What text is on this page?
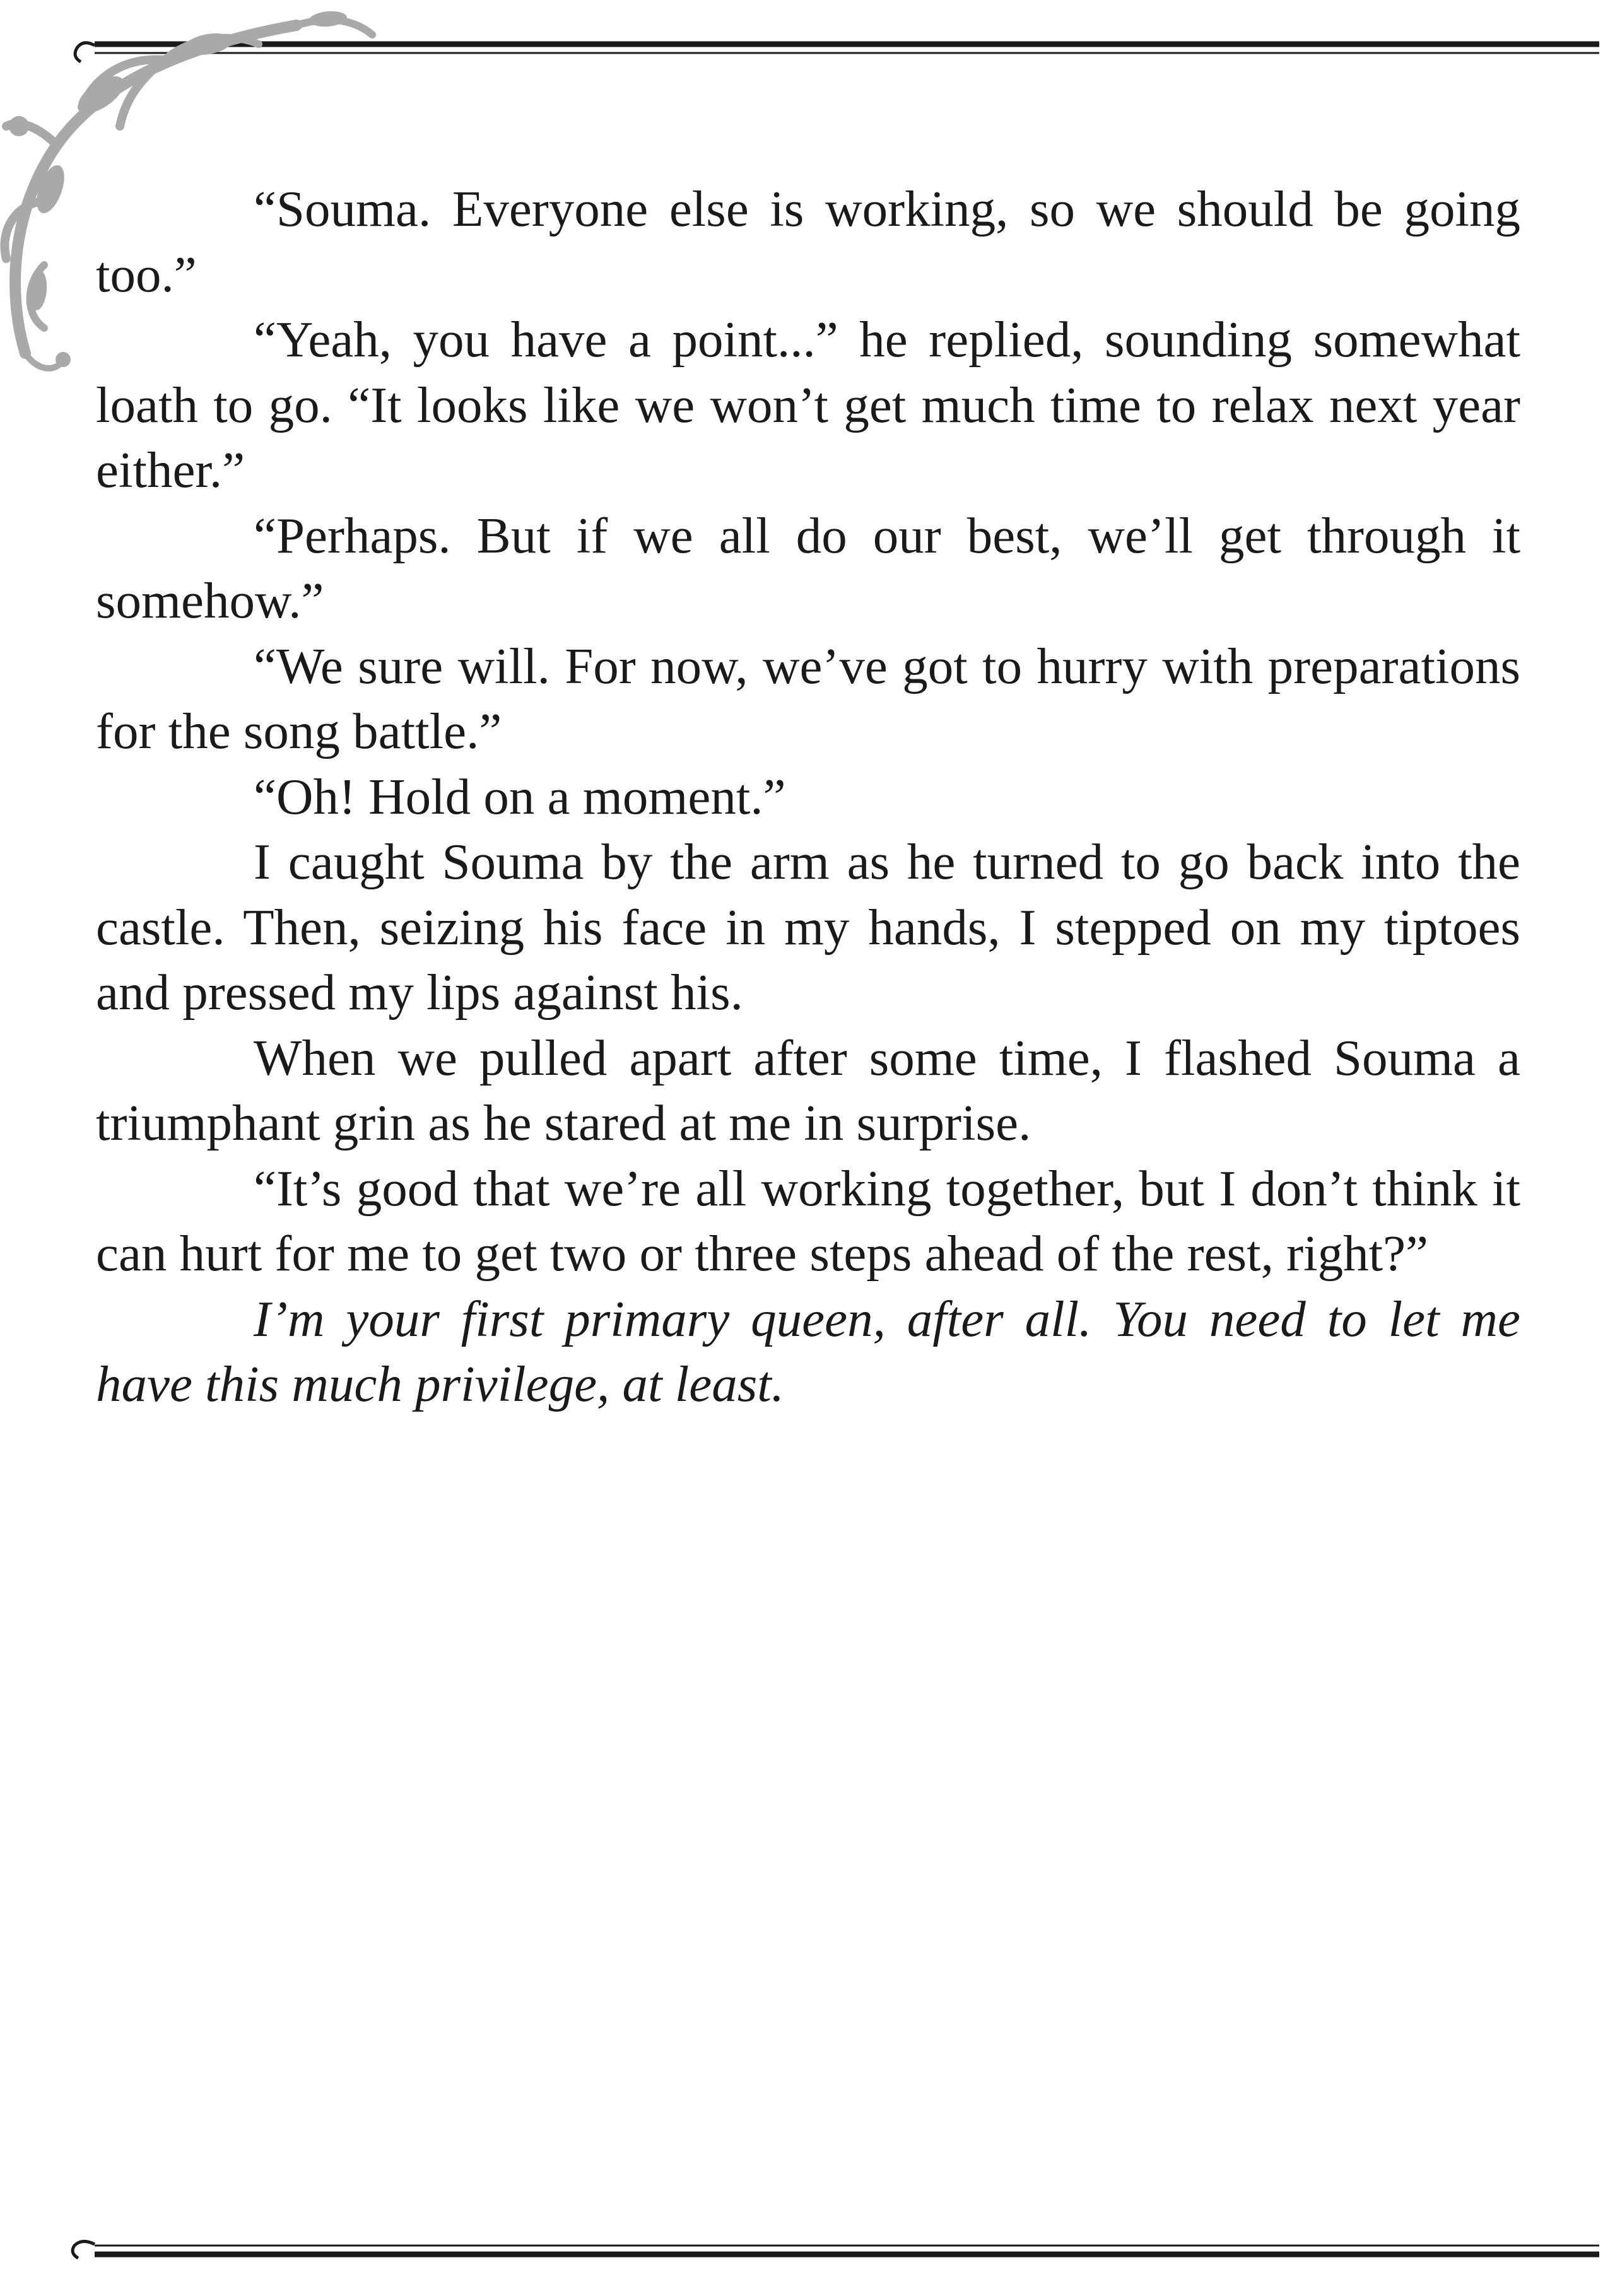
“Souma. Everyone else is working, so we should be going too.”

“Yeah, you have a point...” he replied, sounding somewhat loath to go. “It looks like we won’t get much time to relax next year either.”

“Perhaps. But if we all do our best, we’ll get through it somehow.”

“We sure will. For now, we’ve got to hurry with preparations for the song battle.”

“Oh! Hold on a moment.”

I caught Souma by the arm as he turned to go back into the castle. Then, seizing his face in my hands, I stepped on my tiptoes and pressed my lips against his.

When we pulled apart after some time, I flashed Souma a triumphant grin as he stared at me in surprise.

“It’s good that we’re all working together, but I don’t think it can hurt for me to get two or three steps ahead of the rest, right?”

I’m your first primary queen, after all. You need to let me have this much privilege, at least.
